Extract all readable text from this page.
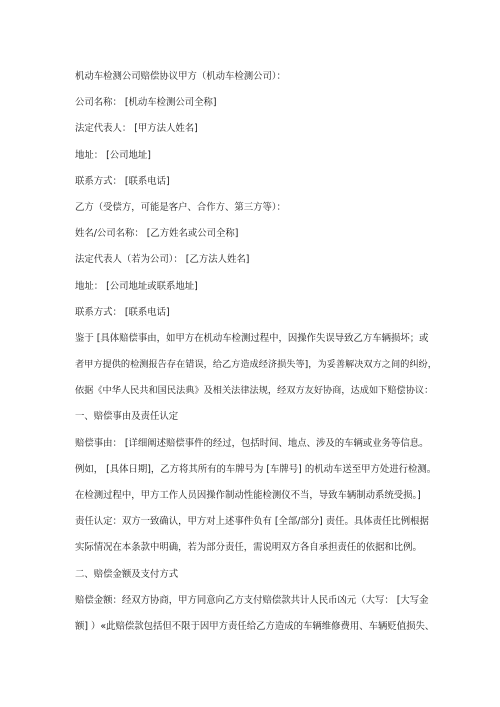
机动车检测公司赔偿协议甲方（机动车检测公司）：
公司名称： [机动车检测公司全称]
法定代表人： [甲方法人姓名]
地址： [公司地址]
联系方式： [联系电话]
乙方（受偿方，可能是客户、合作方、第三方等）：
姓名/公司名称： [乙方姓名或公司全称]
法定代表人（若为公司）： [乙方法人姓名]
地址： [公司地址或联系地址]
联系方式： [联系电话]
鉴于 [具体赔偿事由，如甲方在机动车检测过程中，因操作失误导致乙方车辆损坏；或
者甲方提供的检测报告存在错误，给乙方造成经济损失等]，为妥善解决双方之间的纠纷，
依据《中华人民共和国民法典》及相关法律法规，经双方友好协商，达成如下赔偿协议：
一、赔偿事由及责任认定
赔偿事由： [详细阐述赔偿事件的经过，包括时间、地点、涉及的车辆或业务等信息。
例如， [具体日期]，乙方将其所有的车牌号为 [车牌号] 的机动车送至甲方处进行检测。
在检测过程中，甲方工作人员因操作制动性能检测仪不当，导致车辆制动系统受损。]
责任认定：双方一致确认，甲方对上述事件负有 [全部/部分] 责任。具体责任比例根据
实际情况在本条款中明确，若为部分责任，需说明双方各自承担责任的依据和比例。
二、赔偿金额及支付方式
赔偿金额：经双方协商，甲方同意向乙方支付赔偿款共计人民币凶元（大写： [大写金
额] ）«此赔偿款包括但不限于因甲方责任给乙方造成的车辆维修费用、车辆贬值损失、
